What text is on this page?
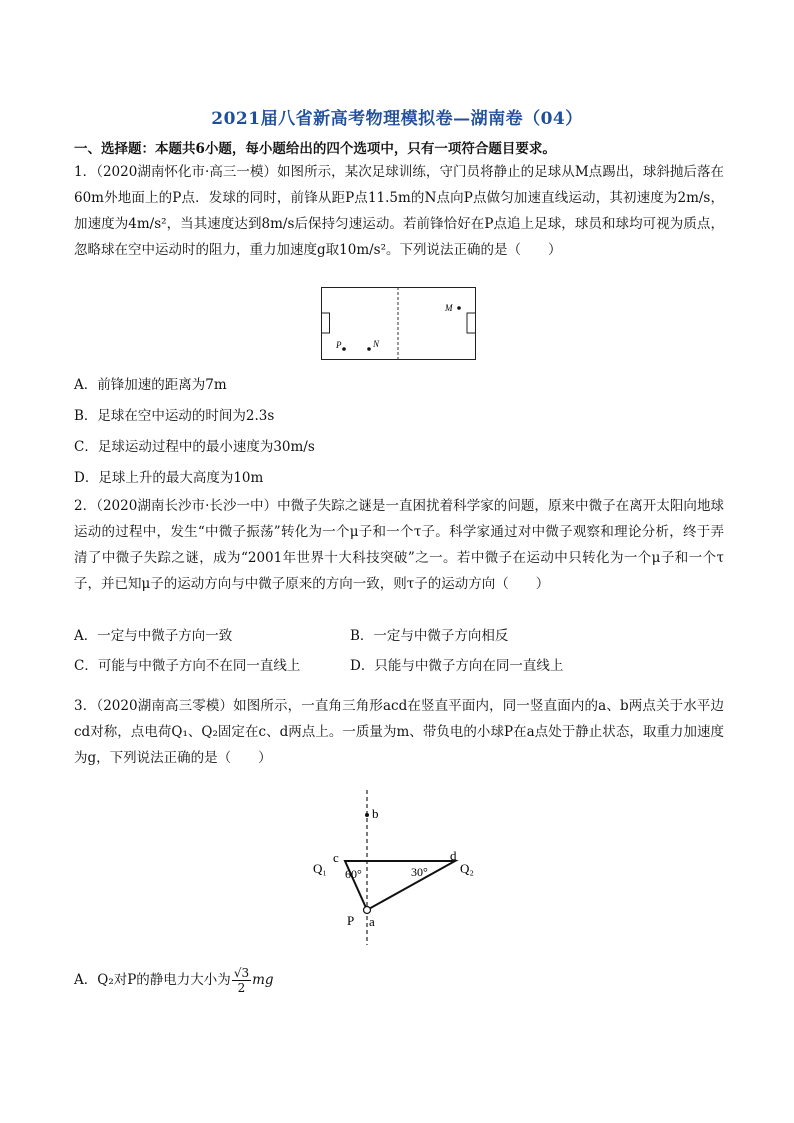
2021届八省新高考物理模拟卷—湖南卷（04）
一、选择题：本题共6小题，每小题给出的四个选项中，只有一项符合题目要求。
1．（2020湖南怀化市·高三一模）如图所示，某次足球训练，守门员将静止的足球从M点踢出，球斜抛后落在60m外地面上的P点．发球的同时，前锋从距P点11.5m的N点向P点做匀加速直线运动，其初速度为2m/s，加速度为4m/s²，当其速度达到8m/s后保持匀速运动。若前锋恰好在P点追上足球，球员和球均可视为质点，忽略球在空中运动时的阻力，重力加速度g取10m/s²。下列说法正确的是（　　）
M
P	N
A．前锋加速的距离为7m
B．足球在空中运动的时间为2.3s
C．足球运动过程中的最小速度为30m/s
D．足球上升的最大高度为10m
2．（2020湖南长沙市·长沙一中）中微子失踪之谜是一直困扰着科学家的问题，原来中微子在离开太阳向地球运动的过程中，发生“中微子振荡”转化为一个μ子和一个τ子。科学家通过对中微子观察和理论分析，终于弄清了中微子失踪之谜，成为“2001年世界十大科技突破”之一。若中微子在运动中只转化为一个μ子和一个τ子，并已知μ子的运动方向与中微子原来的方向一致，则τ子的运动方向（　　）
A．一定与中微子方向一致	B．一定与中微子方向相反
C．可能与中微子方向不在同一直线上	D．只能与中微子方向在同一直线上
3．（2020湖南高三零模）如图所示，一直角三角形acd在竖直平面内，同一竖直面内的a、b两点关于水平边cd对称，点电荷Q₁、Q₂固定在c、d两点上。一质量为m、带负电的小球P在a点处于静止状态，取重力加速度为g，下列说法正确的是（　　）
b
c	d
Q₁	Q₂
60°	30°
P a
A．Q₂对P的静电力大小为 $\frac{√3}{2}$ mg
